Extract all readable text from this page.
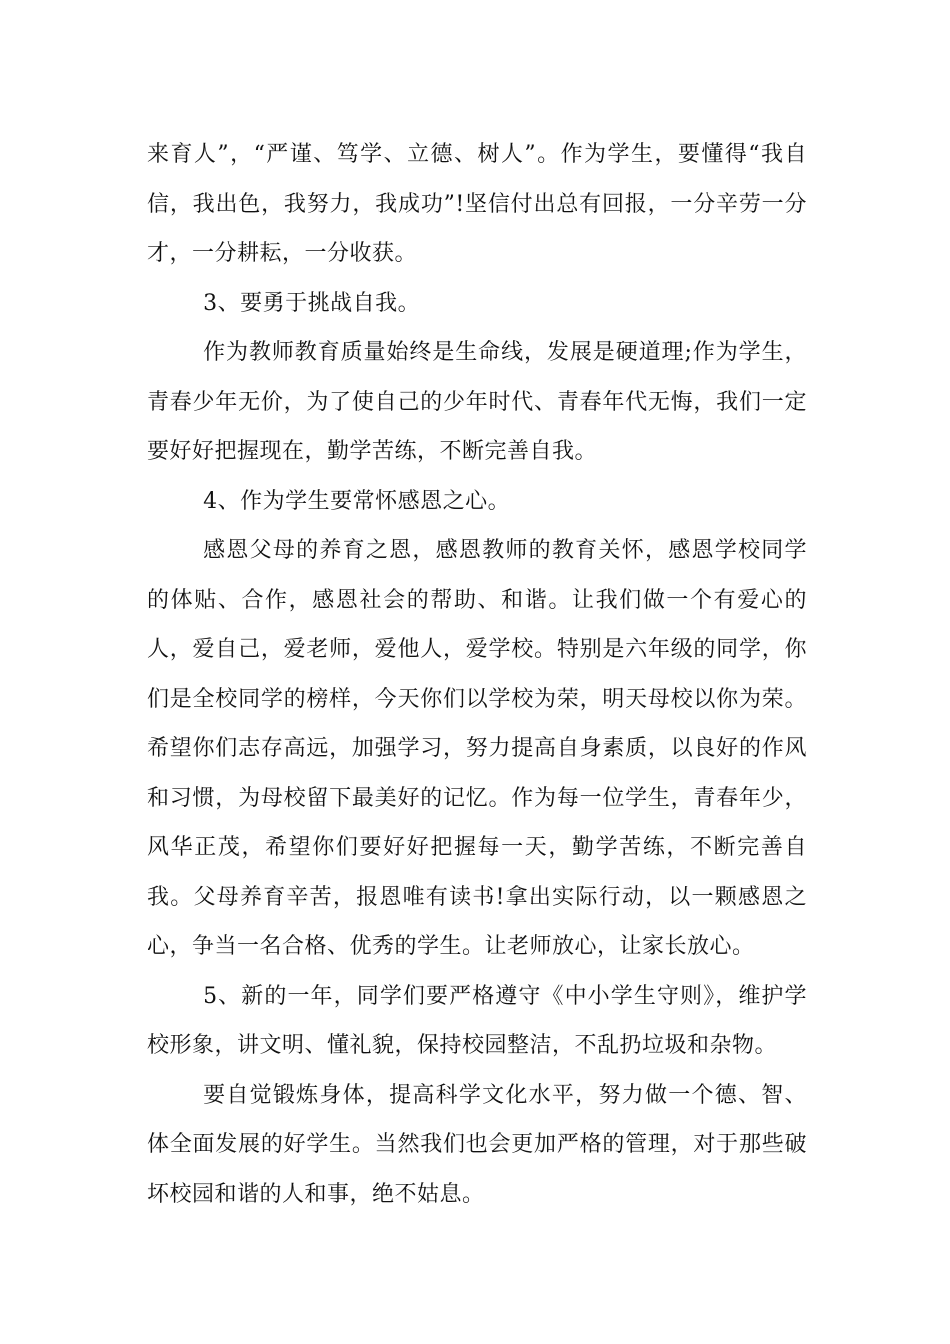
来育人”，“严谨、笃学、立德、树人”。作为学生，要懂得“我自信，我出色，我努力，我成功”!坚信付出总有回报，一分辛劳一分才，一分耕耘，一分收获。

3、要勇于挑战自我。

作为教师教育质量始终是生命线，发展是硬道理;作为学生，青春少年无价，为了使自己的少年时代、青春年代无悔，我们一定要好好把握现在，勤学苦练，不断完善自我。

4、作为学生要常怀感恩之心。

感恩父母的养育之恩，感恩教师的教育关怀，感恩学校同学的体贴、合作，感恩社会的帮助、和谐。让我们做一个有爱心的人，爱自己，爱老师，爱他人，爱学校。特别是六年级的同学，你们是全校同学的榜样，今天你们以学校为荣，明天母校以你为荣。希望你们志存高远，加强学习，努力提高自身素质，以良好的作风和习惯，为母校留下最美好的记忆。作为每一位学生，青春年少，风华正茂，希望你们要好好把握每一天，勤学苦练，不断完善自我。父母养育辛苦，报恩唯有读书!拿出实际行动，以一颗感恩之心，争当一名合格、优秀的学生。让老师放心，让家长放心。

5、新的一年，同学们要严格遵守《中小学生守则》，维护学校形象，讲文明、懂礼貌，保持校园整洁，不乱扔垃圾和杂物。

要自觉锻炼身体，提高科学文化水平，努力做一个德、智、体全面发展的好学生。当然我们也会更加严格的管理，对于那些破坏校园和谐的人和事，绝不姑息。
